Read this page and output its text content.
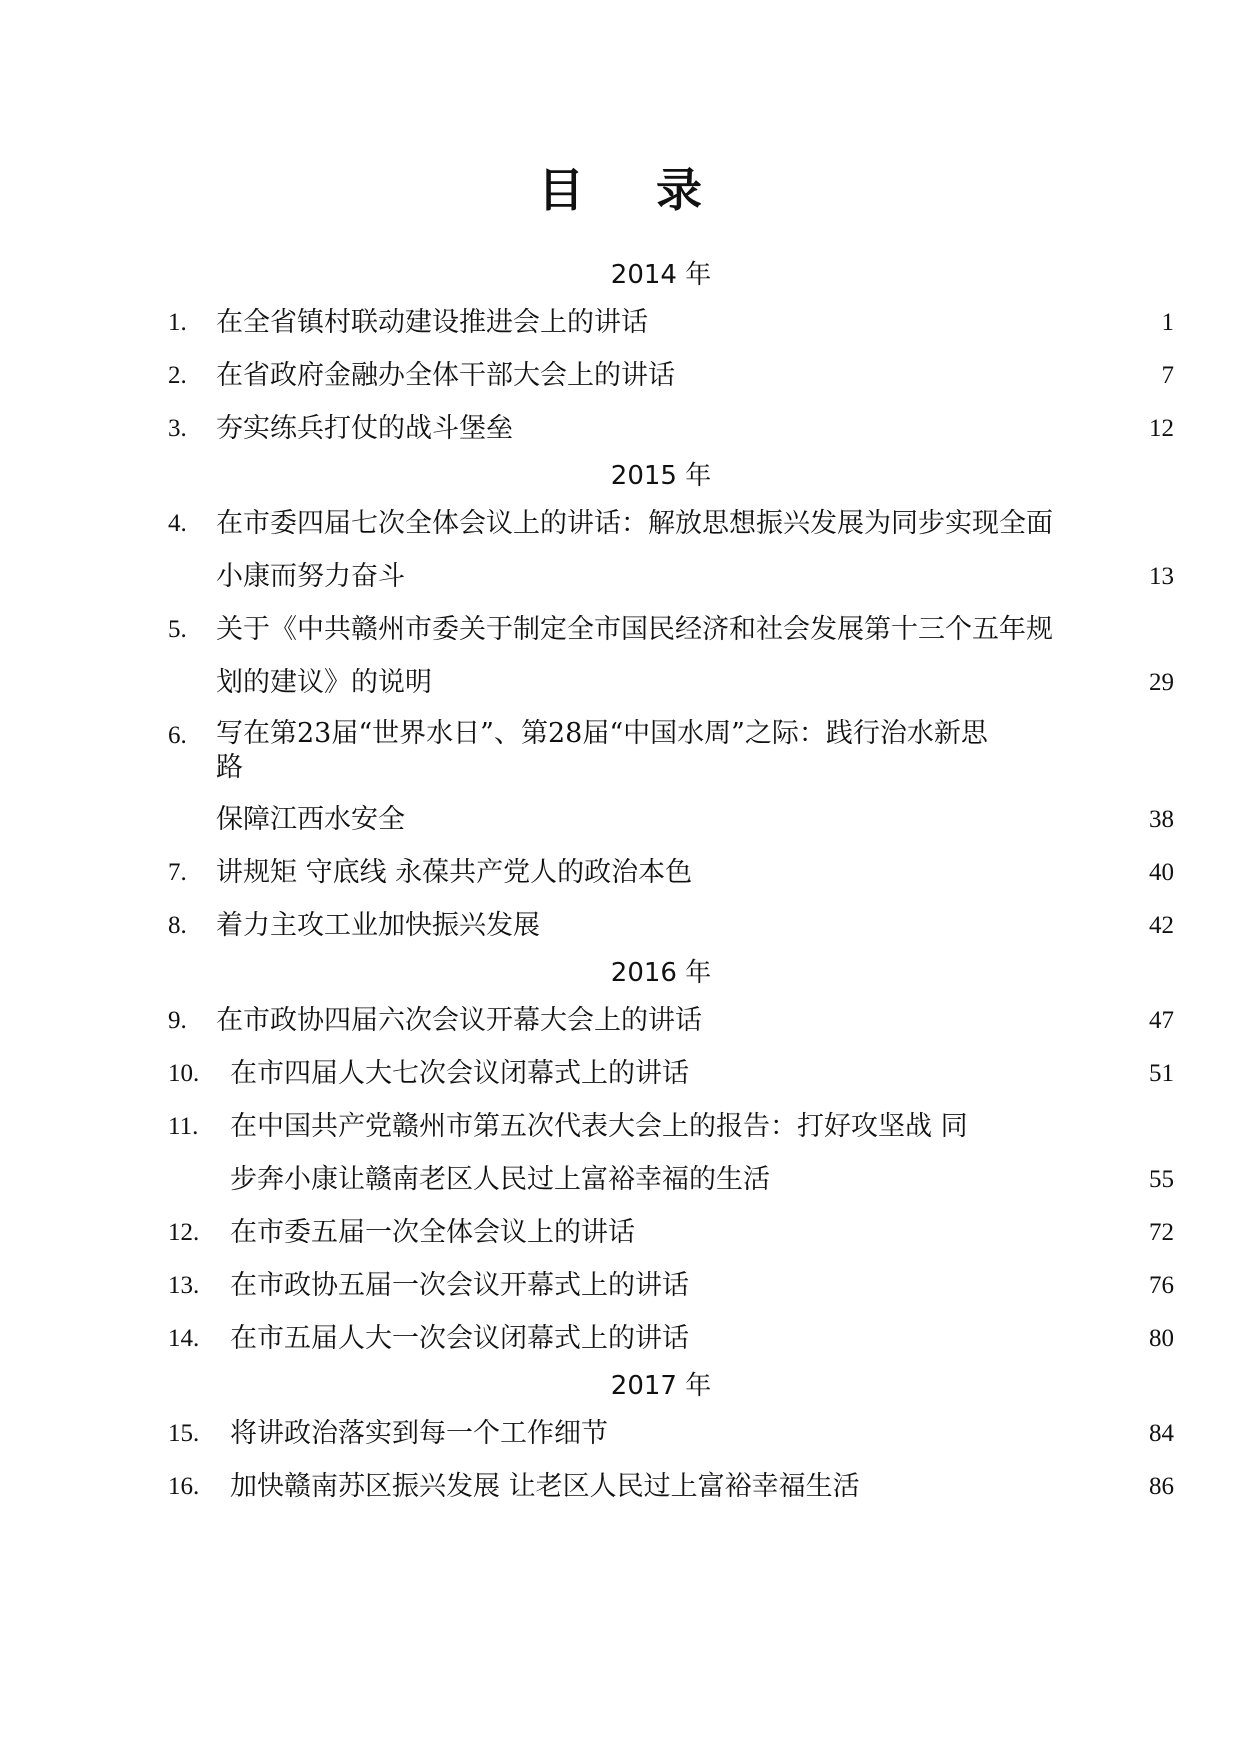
目 录
2014 年
1.	在全省镇村联动建设推进会上的讲话	1
2.	在省政府金融办全体干部大会上的讲话	7
3.	夯实练兵打仗的战斗堡垒	12
2015 年
4.	在市委四届七次全体会议上的讲话：解放思想振兴发展为同步实现全面
小康而努力奋斗	13
5.	关于《中共赣州市委关于制定全市国民经济和社会发展第十三个五年规
划的建议》的说明	29
6.	写在第23届“世界水日”、第28届“中国水周”之际：践行治水新思
路
保障江西水安全	38
7.	讲规矩 守底线 永葆共产党人的政治本色	40
8.	着力主攻工业加快振兴发展	42
2016 年
9.	在市政协四届六次会议开幕大会上的讲话	47
10.	在市四届人大七次会议闭幕式上的讲话	51
11.	在中国共产党赣州市第五次代表大会上的报告：打好攻坚战 同
步奔小康让赣南老区人民过上富裕幸福的生活	55
12.	在市委五届一次全体会议上的讲话	72
13.	在市政协五届一次会议开幕式上的讲话	76
14.	在市五届人大一次会议闭幕式上的讲话	80
2017 年
15.	将讲政治落实到每一个工作细节	84
16.	加快赣南苏区振兴发展 让老区人民过上富裕幸福生活	86
